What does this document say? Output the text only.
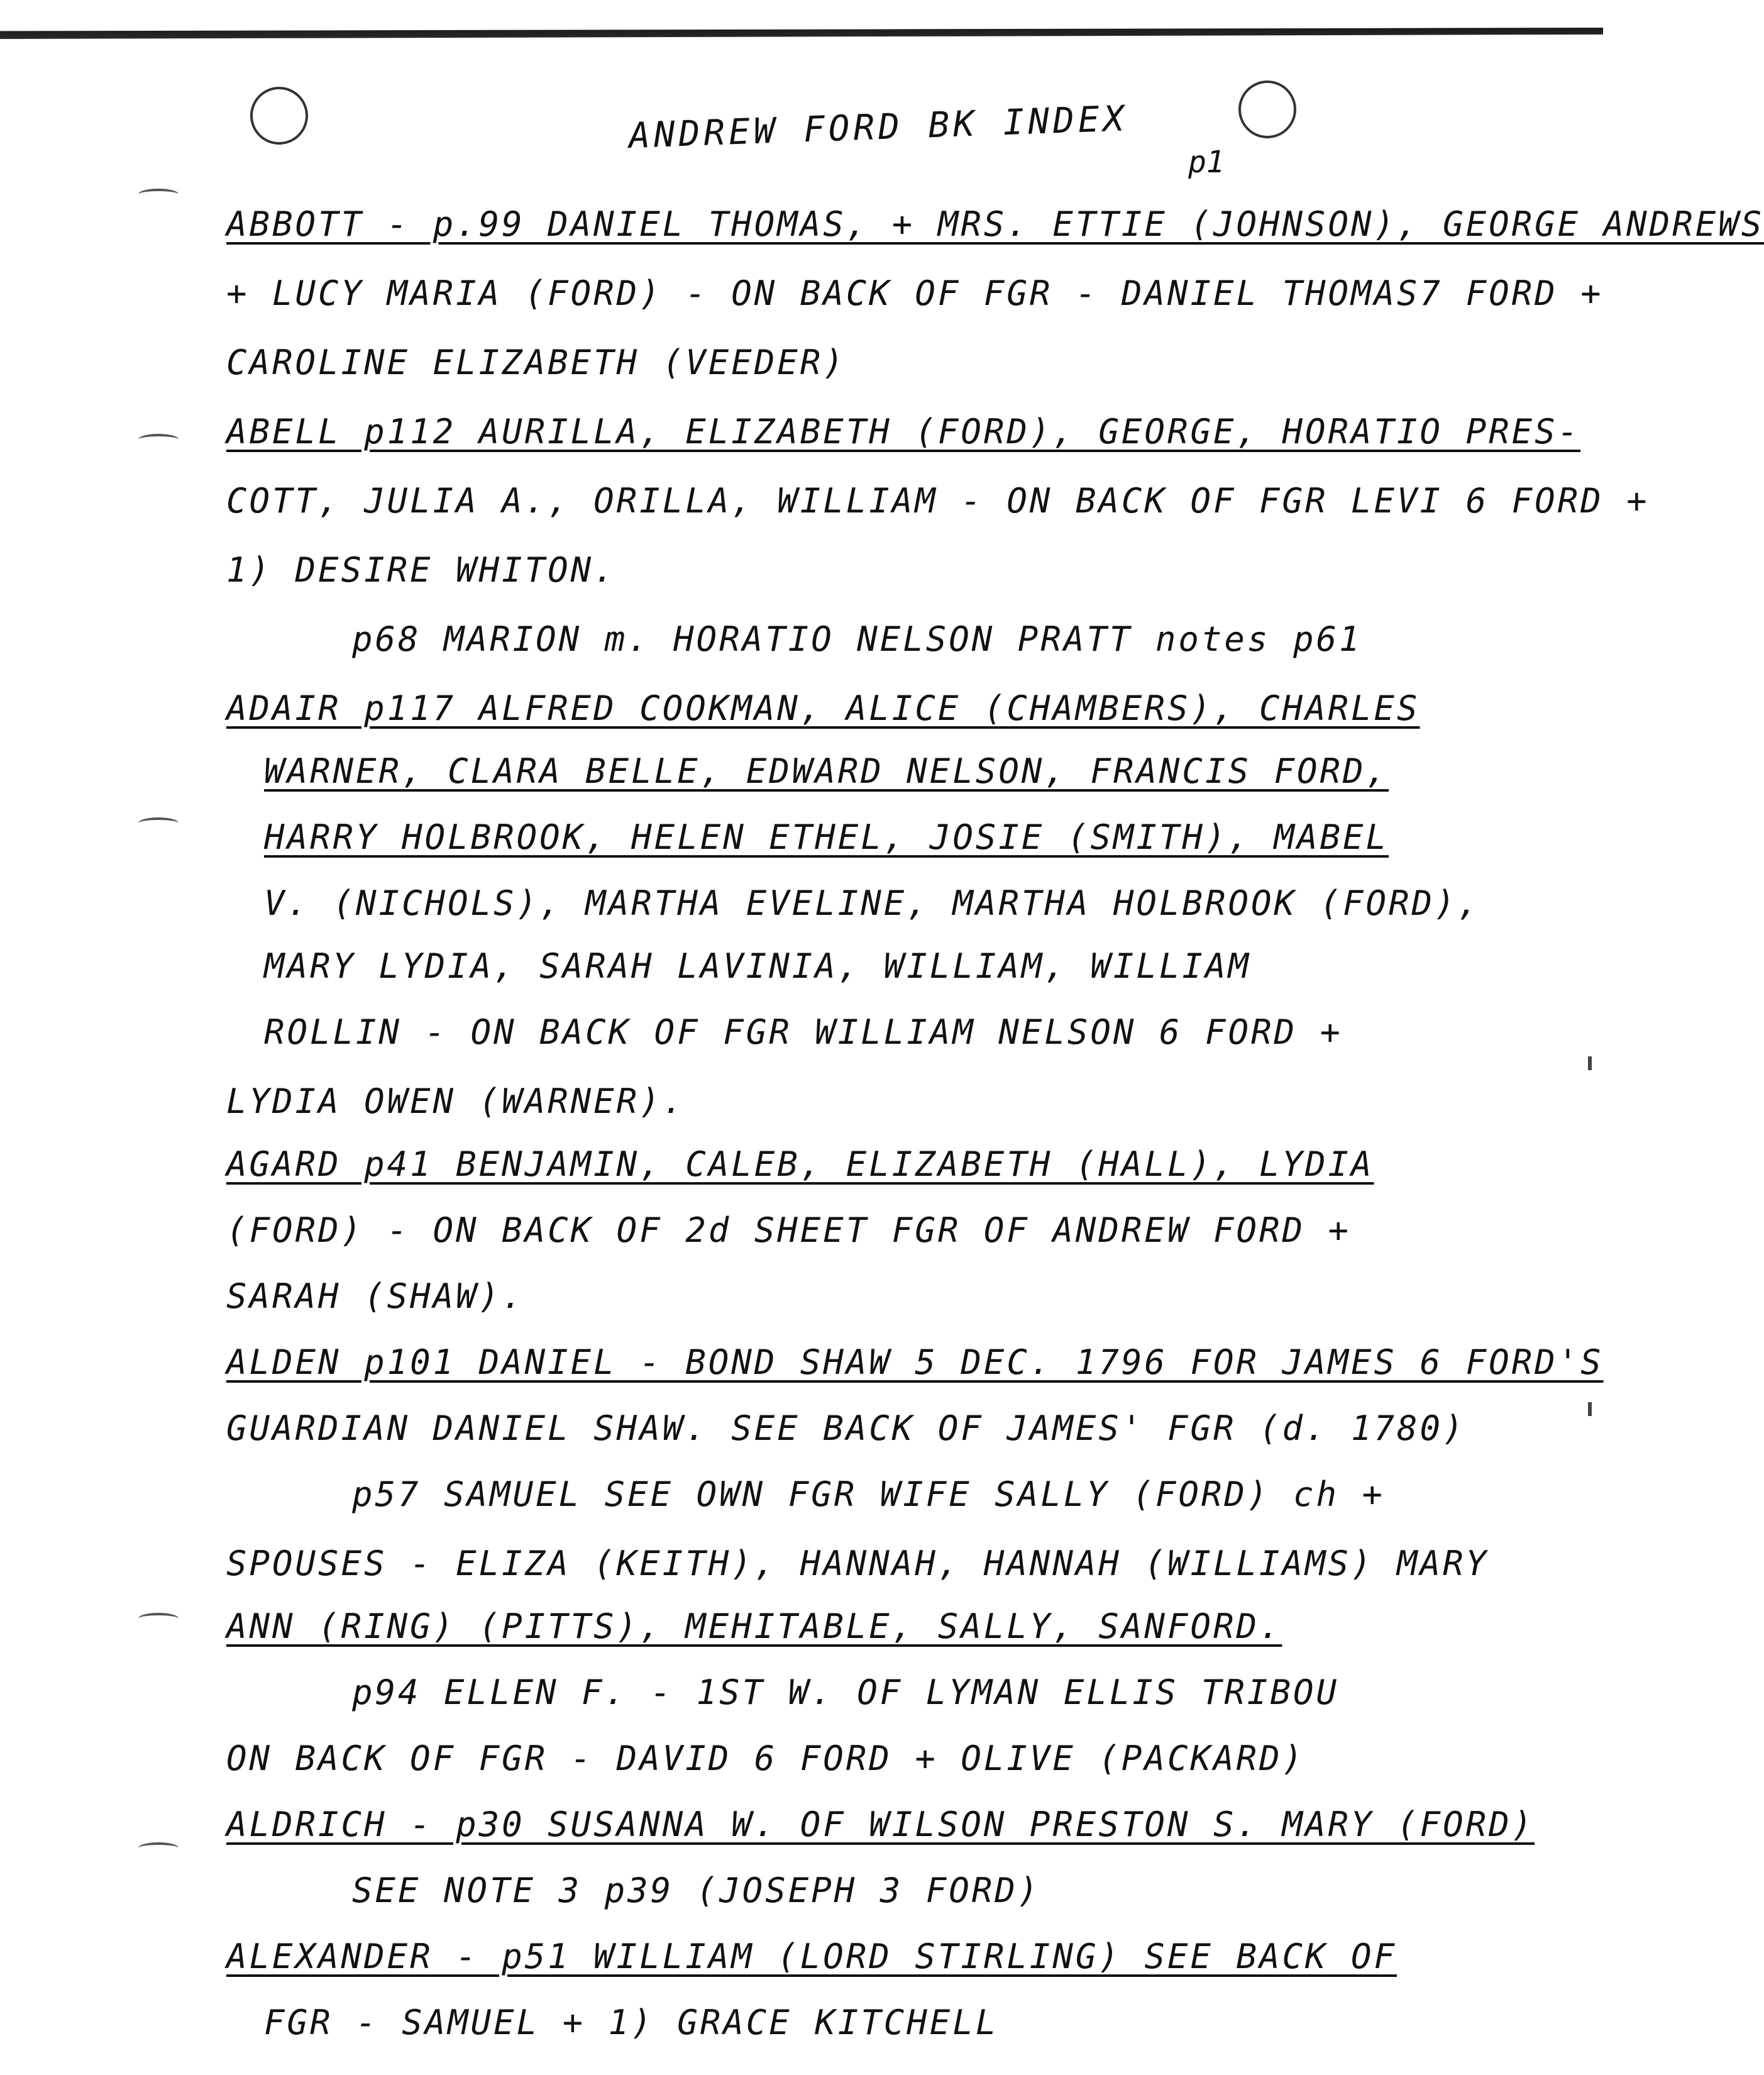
ANDREW FORD BK INDEX
p1
ABBOTT - p.99 DANIEL THOMAS, + MRS. ETTIE (JOHNSON), GEORGE ANDREWS
+ LUCY MARIA (FORD) - ON BACK OF FGR - DANIEL THOMAS7 FORD +
CAROLINE ELIZABETH (VEEDER)
ABELL p112 AURILLA, ELIZABETH (FORD), GEORGE, HORATIO PRES-
COTT, JULIA A., ORILLA, WILLIAM - ON BACK OF FGR LEVI 6 FORD +
1) DESIRE WHITON.
p68 MARION m. HORATIO NELSON PRATT notes p61
ADAIR p117 ALFRED COOKMAN, ALICE (CHAMBERS), CHARLES
WARNER, CLARA BELLE, EDWARD NELSON, FRANCIS FORD,
HARRY HOLBROOK, HELEN ETHEL, JOSIE (SMITH), MABEL
V. (NICHOLS), MARTHA EVELINE, MARTHA HOLBROOK (FORD),
MARY LYDIA, SARAH LAVINIA, WILLIAM, WILLIAM
ROLLIN - ON BACK OF FGR WILLIAM NELSON 6 FORD +
LYDIA OWEN (WARNER).
AGARD p41 BENJAMIN, CALEB, ELIZABETH (HALL), LYDIA
(FORD) - ON BACK OF 2d SHEET FGR OF ANDREW FORD +
SARAH (SHAW).
ALDEN p101 DANIEL - BOND SHAW 5 DEC. 1796 FOR JAMES 6 FORD'S
GUARDIAN DANIEL SHAW. SEE BACK OF JAMES' FGR (d. 1780)
p57 SAMUEL SEE OWN FGR WIFE SALLY (FORD) ch +
SPOUSES - ELIZA (KEITH), HANNAH, HANNAH (WILLIAMS) MARY
ANN (RING) (PITTS), MEHITABLE, SALLY, SANFORD.
p94 ELLEN F. - 1ST W. OF LYMAN ELLIS TRIBOU
ON BACK OF FGR - DAVID 6 FORD + OLIVE (PACKARD)
ALDRICH - p30 SUSANNA W. OF WILSON PRESTON S. MARY (FORD)
SEE NOTE 3 p39 (JOSEPH 3 FORD)
ALEXANDER - p51 WILLIAM (LORD STIRLING) SEE BACK OF
FGR - SAMUEL + 1) GRACE KITCHELL
